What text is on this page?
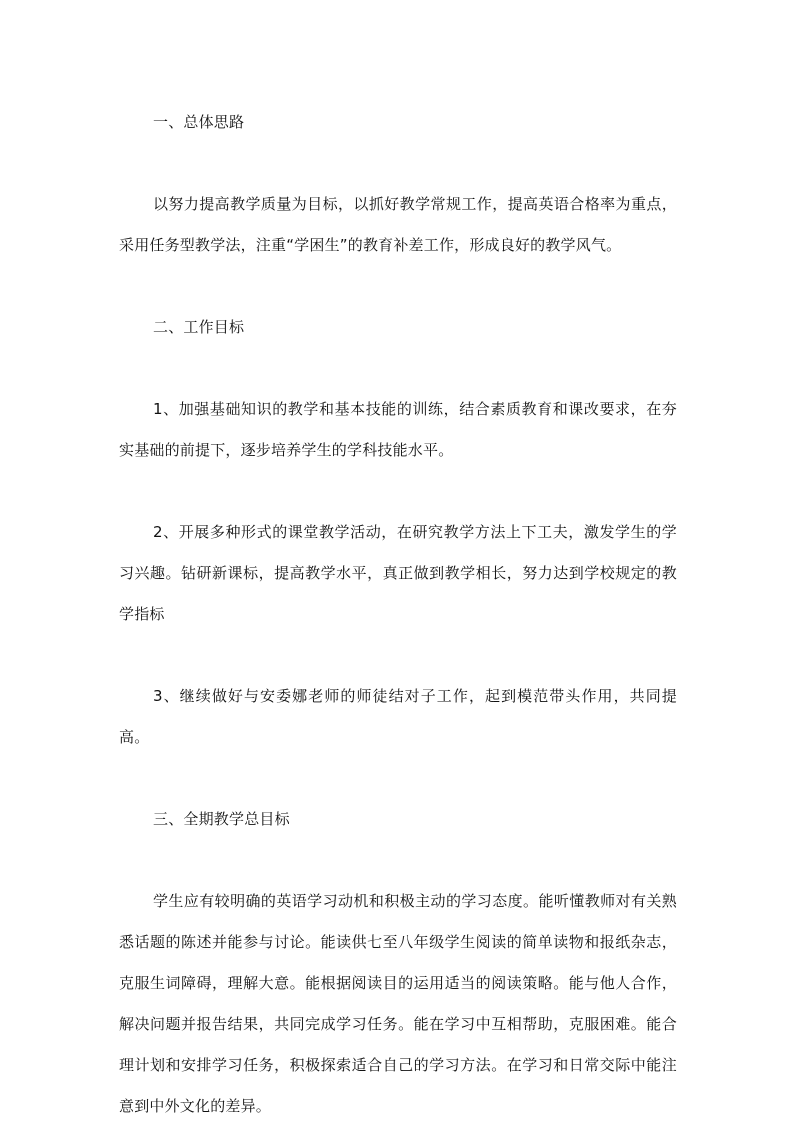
一、总体思路

以努力提高教学质量为目标，以抓好教学常规工作，提高英语合格率为重点，采用任务型教学法，注重“学困生”的教育补差工作，形成良好的教学风气。

二、工作目标

1、加强基础知识的教学和基本技能的训练，结合素质教育和课改要求，在夯实基础的前提下，逐步培养学生的学科技能水平。

2、开展多种形式的课堂教学活动，在研究教学方法上下工夫，激发学生的学习兴趣。钻研新课标，提高教学水平，真正做到教学相长，努力达到学校规定的教学指标

3、继续做好与安委娜老师的师徒结对子工作，起到模范带头作用，共同提高。

三、全期教学总目标

学生应有较明确的英语学习动机和积极主动的学习态度。能听懂教师对有关熟悉话题的陈述并能参与讨论。能读供七至八年级学生阅读的简单读物和报纸杂志，克服生词障碍，理解大意。能根据阅读目的运用适当的阅读策略。能与他人合作，解决问题并报告结果，共同完成学习任务。能在学习中互相帮助，克服困难。能合理计划和安排学习任务，积极探索适合自己的学习方法。在学习和日常交际中能注意到中外文化的差异。
